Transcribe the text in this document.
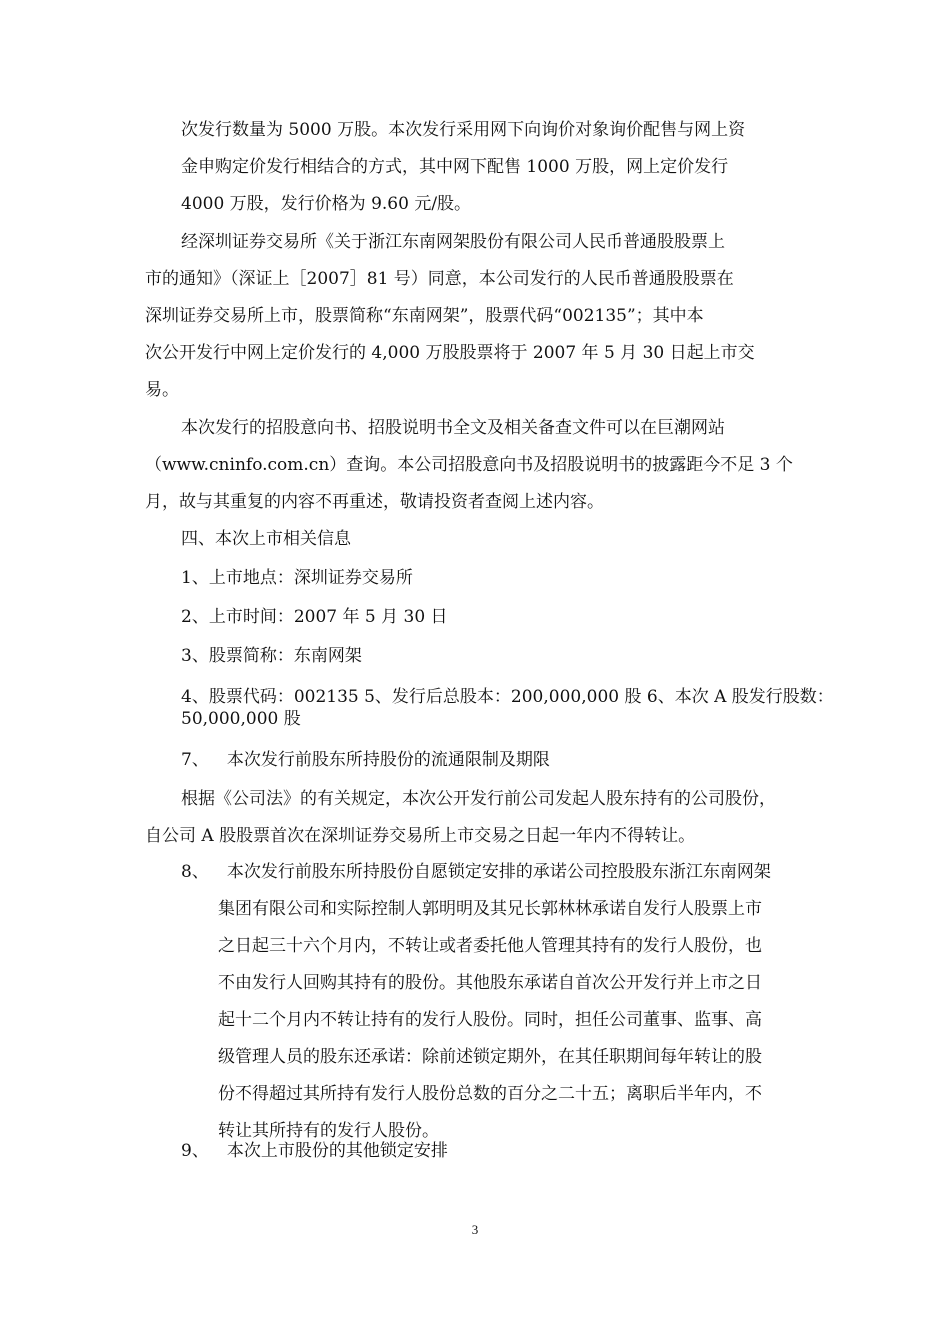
次发行数量为 5000 万股。本次发行采用网下向询价对象询价配售与网上资
金申购定价发行相结合的方式，其中网下配售 1000 万股，网上定价发行
4000 万股，发行价格为 9.60 元/股。
经深圳证券交易所《关于浙江东南网架股份有限公司人民币普通股股票上
市的通知》（深证上［2007］81 号）同意，本公司发行的人民币普通股股票在
深圳证券交易所上市，股票简称“东南网架”，股票代码“002135”；其中本
次公开发行中网上定价发行的 4,000 万股股票将于 2007 年 5 月 30 日起上市交
易。
本次发行的招股意向书、招股说明书全文及相关备查文件可以在巨潮网站
（www.cninfo.com.cn）查询。本公司招股意向书及招股说明书的披露距今不足 3 个
月，故与其重复的内容不再重述，敬请投资者查阅上述内容。
四、本次上市相关信息
1、上市地点：深圳证券交易所
2、上市时间：2007 年 5 月 30 日
3、股票简称：东南网架
4、股票代码：002135 5、发行后总股本：200,000,000 股 6、本次 A 股发行股数：
50,000,000 股
7、 本次发行前股东所持股份的流通限制及期限
根据《公司法》的有关规定，本次公开发行前公司发起人股东持有的公司股份，
自公司 A 股股票首次在深圳证券交易所上市交易之日起一年内不得转让。
8、 本次发行前股东所持股份自愿锁定安排的承诺公司控股股东浙江东南网架
集团有限公司和实际控制人郭明明及其兄长郭林林承诺自发行人股票上市
之日起三十六个月内，不转让或者委托他人管理其持有的发行人股份，也
不由发行人回购其持有的股份。其他股东承诺自首次公开发行并上市之日
起十二个月内不转让持有的发行人股份。同时，担任公司董事、监事、高
级管理人员的股东还承诺：除前述锁定期外，在其任职期间每年转让的股
份不得超过其所持有发行人股份总数的百分之二十五；离职后半年内，不
转让其所持有的发行人股份。
9、 本次上市股份的其他锁定安排
3
